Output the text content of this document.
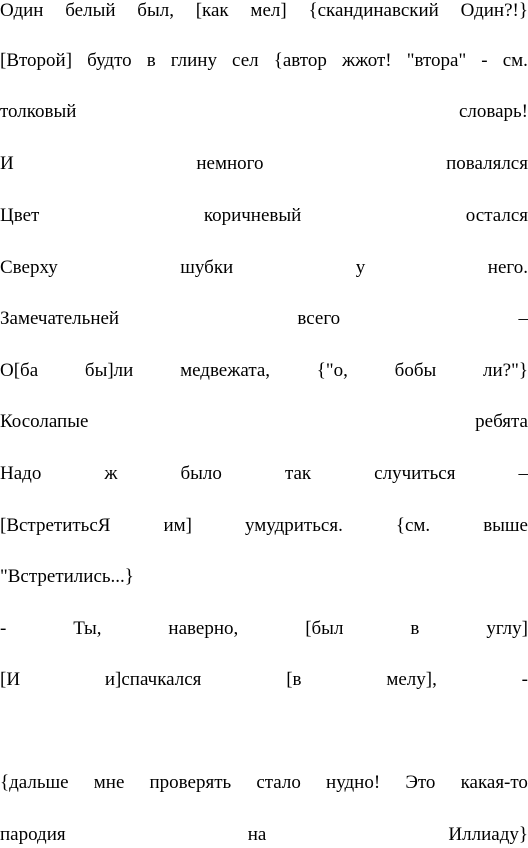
Один белый был, [как мел] {скандинавский Один?!}
[Второй] будто в глину сел {автор жжот! "втора" - см.
толковый	словарь!
И	немного	повалялся
Цвет	коричневый	остался
Сверху	шубки	у	него.
Замечательней	всего	–
О[ба бы]ли медвежата, {"о, бобы ли?"}
Косолапые	ребята
Надо	ж	было	так	случиться	–
[ВстретитьсЯ	им]	умудриться.	{см.	выше
"Встретились...}
-	Ты,	наверно,	[был	в	углу]
[И	и]спачкался	[в	мелу],	-
{дальше мне проверять стало нудно! Это какая-то
пародия	на	Иллиаду}
